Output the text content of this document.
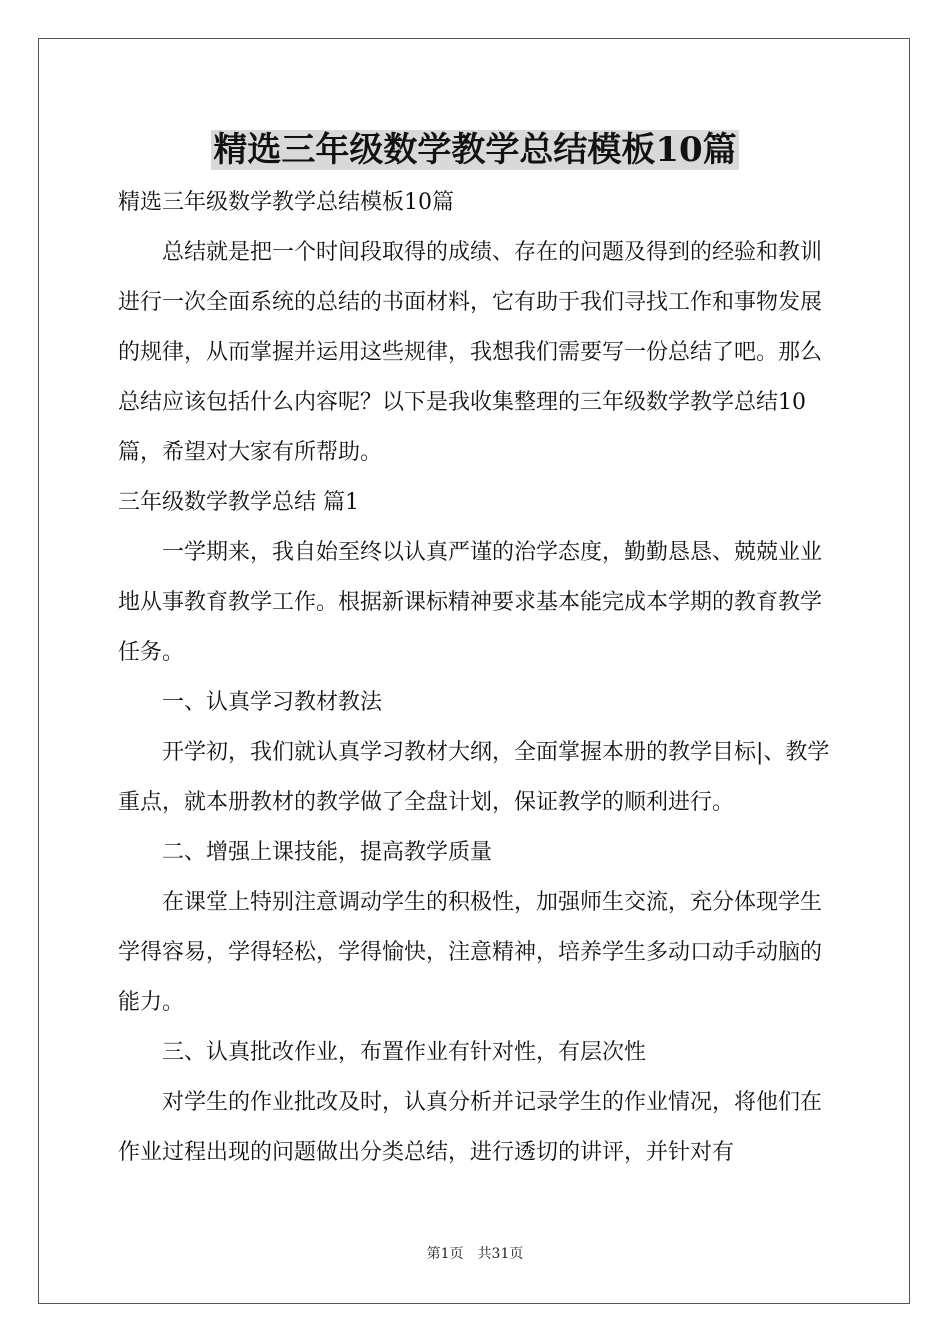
精选三年级数学教学总结模板10篇

精选三年级数学教学总结模板10篇

总结就是把一个时间段取得的成绩、存在的问题及得到的经验和教训进行一次全面系统的总结的书面材料，它有助于我们寻找工作和事物发展的规律，从而掌握并运用这些规律，我想我们需要写一份总结了吧。那么总结应该包括什么内容呢？以下是我收集整理的三年级数学教学总结10篇，希望对大家有所帮助。

三年级数学教学总结 篇1

一学期来，我自始至终以认真严谨的治学态度，勤勤恳恳、兢兢业业地从事教育教学工作。根据新课标精神要求基本能完成本学期的教育教学任务。

一、认真学习教材教法

开学初，我们就认真学习教材大纲，全面掌握本册的教学目标|、教学重点，就本册教材的教学做了全盘计划，保证教学的顺利进行。

二、增强上课技能，提高教学质量

在课堂上特别注意调动学生的积极性，加强师生交流，充分体现学生学得容易，学得轻松，学得愉快，注意精神，培养学生多动口动手动脑的能力。

三、认真批改作业，布置作业有针对性，有层次性

对学生的作业批改及时，认真分析并记录学生的作业情况，将他们在作业过程出现的问题做出分类总结，进行透切的讲评，并针对有

第1页 共31页
